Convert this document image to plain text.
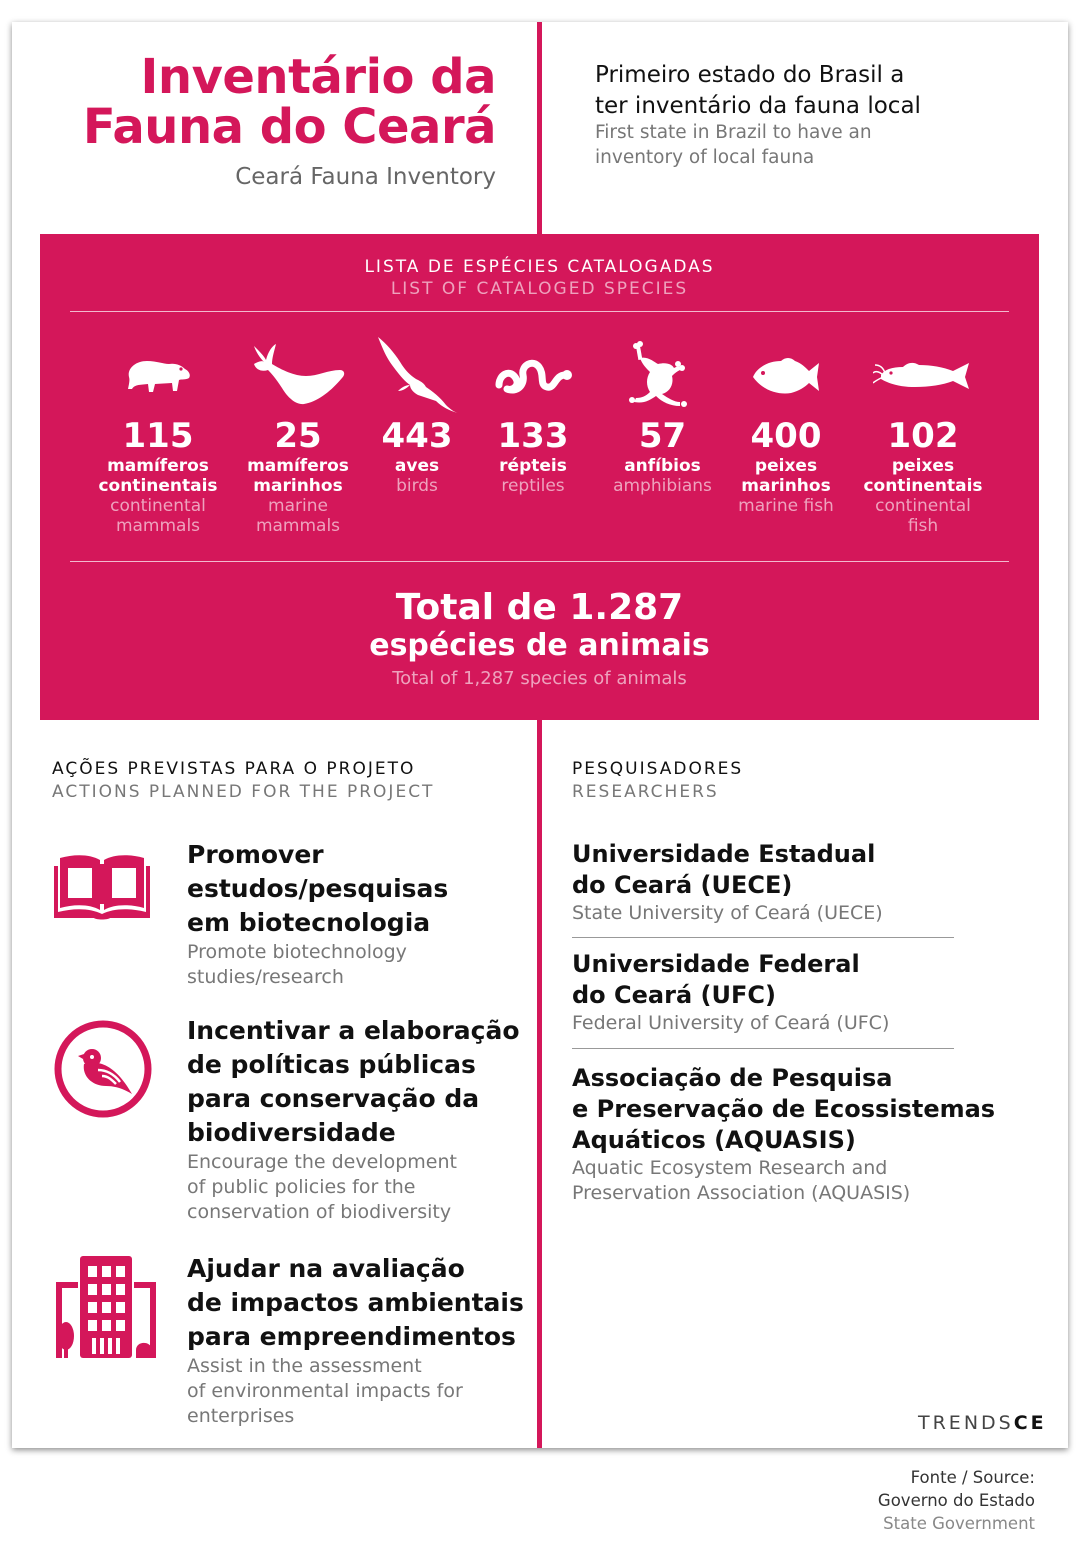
Inventário da
Fauna do Ceará
Ceará Fauna Inventory
Primeiro estado do Brasil a
ter inventário da fauna local
First state in Brazil to have an
inventory of local fauna
LISTA DE ESPÉCIES CATALOGADAS
LIST OF CATALOGED SPECIES
115
mamíferos
continentais
continental
mammals
25
mamíferos
marinhos
marine
mammals
443
aves
birds
133
répteis
reptiles
57
anfíbios
amphibians
400
peixes
marinhos
marine fish
102
peixes
continentais
continental
fish
Total de 1.287
espécies de animais
Total of 1,287 species of animals
AÇÕES PREVISTAS PARA O PROJETO
ACTIONS PLANNED FOR THE PROJECT
Promover
estudos/pesquisas
em biotecnologia
Promote biotechnology
studies/research
Incentivar a elaboração
de políticas públicas
para conservação da
biodiversidade
Encourage the development
of public policies for the
conservation of biodiversity
Ajudar na avaliação
de impactos ambientais
para empreendimentos
Assist in the assessment
of environmental impacts for
enterprises
PESQUISADORES
RESEARCHERS
Universidade Estadual
do Ceará (UECE)
State University of Ceará (UECE)
Universidade Federal
do Ceará (UFC)
Federal University of Ceará (UFC)
Associação de Pesquisa
e Preservação de Ecossistemas
Aquáticos (AQUASIS)
Aquatic Ecosystem Research and
Preservation Association (AQUASIS)
TRENDSCE
Fonte / Source:
Governo do Estado
State Government
